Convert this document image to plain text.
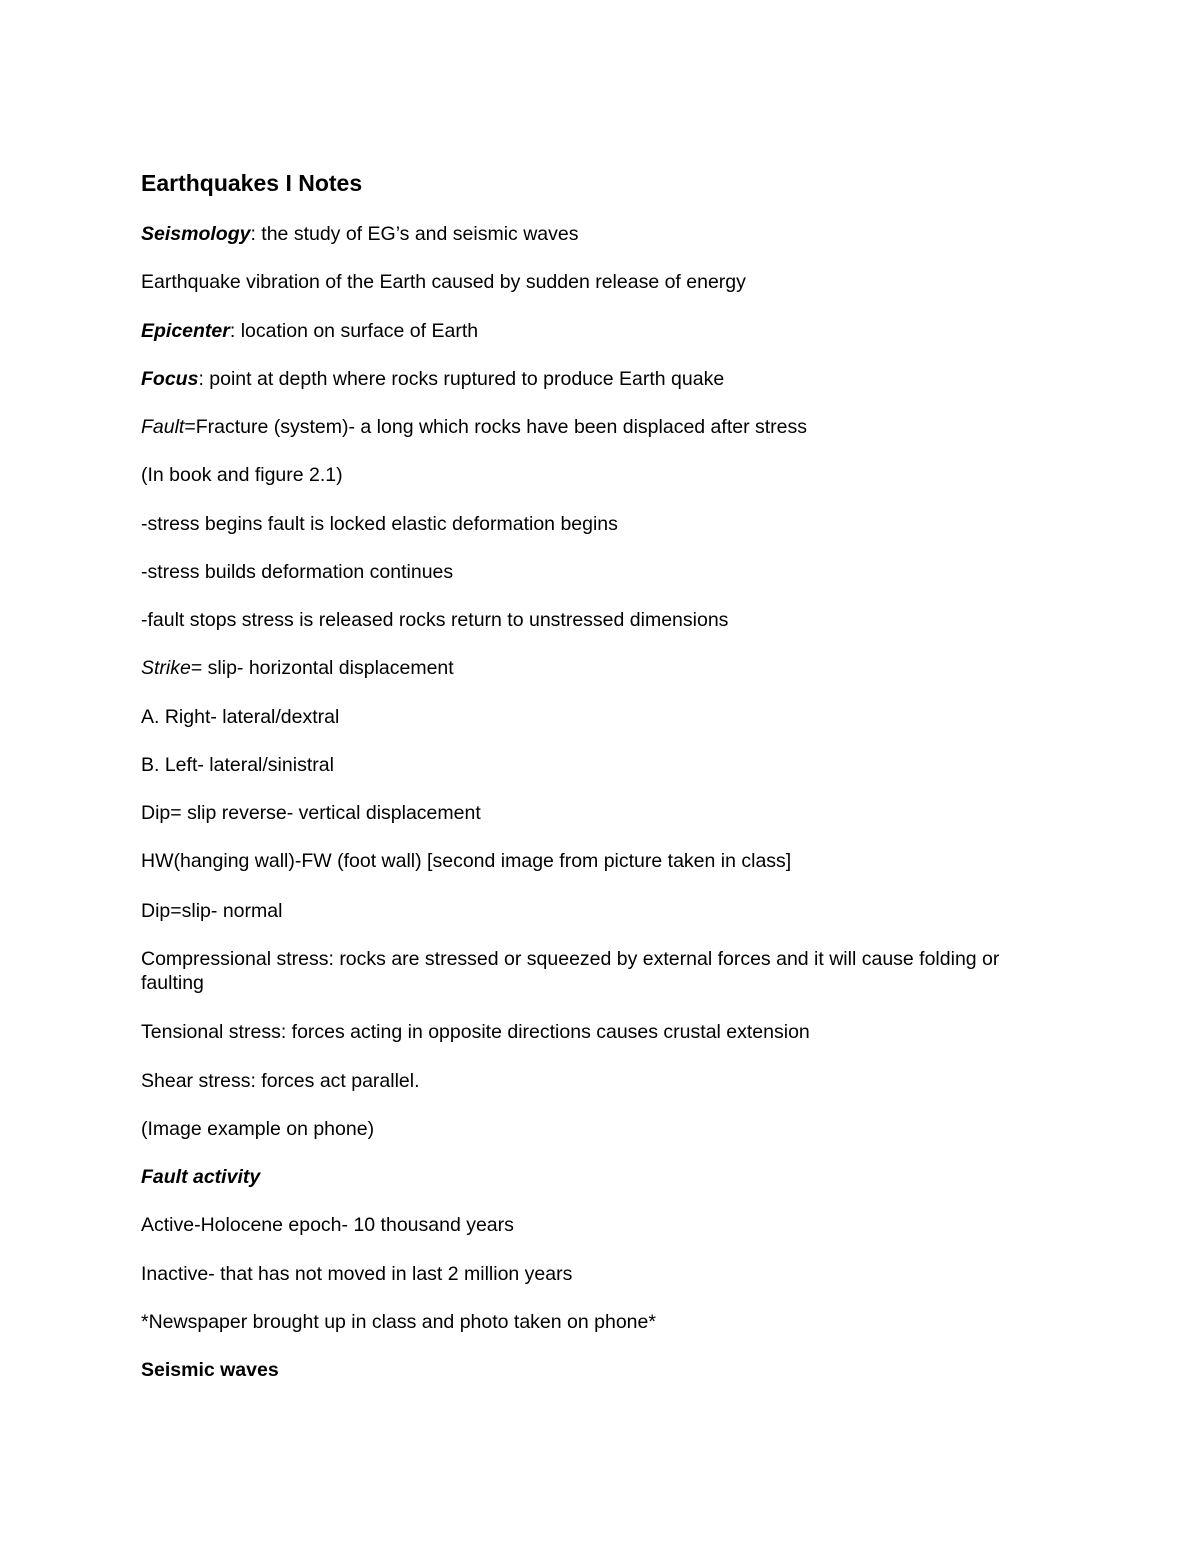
Earthquakes I Notes
Seismology: the study of EG’s and seismic waves
Earthquake vibration of the Earth caused by sudden release of energy
Epicenter: location on surface of Earth
Focus: point at depth where rocks ruptured to produce Earth quake
Fault=Fracture (system)- a long which rocks have been displaced after stress
(In book and figure 2.1)
-stress begins fault is locked elastic deformation begins
-stress builds deformation continues
-fault stops stress is released rocks return to unstressed dimensions
Strike= slip- horizontal displacement
A. Right- lateral/dextral
B. Left- lateral/sinistral
Dip= slip reverse- vertical displacement
HW(hanging wall)-FW (foot wall) [second image from picture taken in class]
Dip=slip- normal
Compressional stress: rocks are stressed or squeezed by external forces and it will cause folding or faulting
Tensional stress: forces acting in opposite directions causes crustal extension
Shear stress: forces act parallel.
(Image example on phone)
Fault activity
Active-Holocene epoch- 10 thousand years
Inactive- that has not moved in last 2 million years
*Newspaper brought up in class and photo taken on phone*
Seismic waves
